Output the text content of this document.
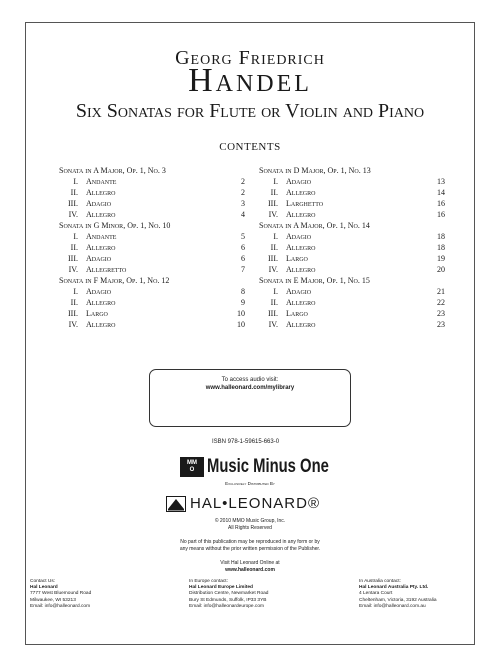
Georg Friedrich
Handel
Six Sonatas for Flute or Violin and Piano
CONTENTS
Sonata in A Major, Op. 1, No. 3
I.	Andante	2
II.	Allegro	2
III.	Adagio	3
IV.	Allegro	4
Sonata in G Minor, Op. 1, No. 10
I.	Andante	5
II.	Allegro	6
III.	Adagio	6
IV.	Allegretto	7
Sonata in F Major, Op. 1, No. 12
I.	Adagio	8
II.	Allegro	9
III.	Largo	10
IV.	Allegro	10
Sonata in D Major, Op. 1, No. 13
I.	Adagio	13
II.	Allegro	14
III.	Larghetto	16
IV.	Allegro	16
Sonata in A Major, Op. 1, No. 14
I.	Adagio	18
II.	Allegro	18
III.	Largo	19
IV.	Allegro	20
Sonata in E Major, Op. 1, No. 15
I.	Adagio	21
II.	Allegro	22
III.	Largo	23
IV.	Allegro	23
To access audio visit:
www.halleonard.com/mylibrary
ISBN 978-1-59615-663-0
MM
O Music Minus One
Exclusively Distributed By
HAL•LEONARD®
© 2010 MMO Music Group, Inc.
All Rights Reserved
No part of this publication may be reproduced in any form or by
any means without the prior written permission of the Publisher.
Visit Hal Leonard Online at
www.halleonard.com
Contact Us:
Hal Leonard
7777 West Bluemound Road
Milwaukee, WI 53213
Email: info@halleonard.com
In Europe contact:
Hal Leonard Europe Limited
Distribution Centre, Newmarket Road
Bury St Edmunds, Suffolk, IP33 3YB
Email: info@halleonardeurope.com
In Australia contact:
Hal Leonard Australia Pty. Ltd.
4 Lentara Court
Cheltenham, Victoria, 3192 Australia
Email: info@halleonard.com.au
